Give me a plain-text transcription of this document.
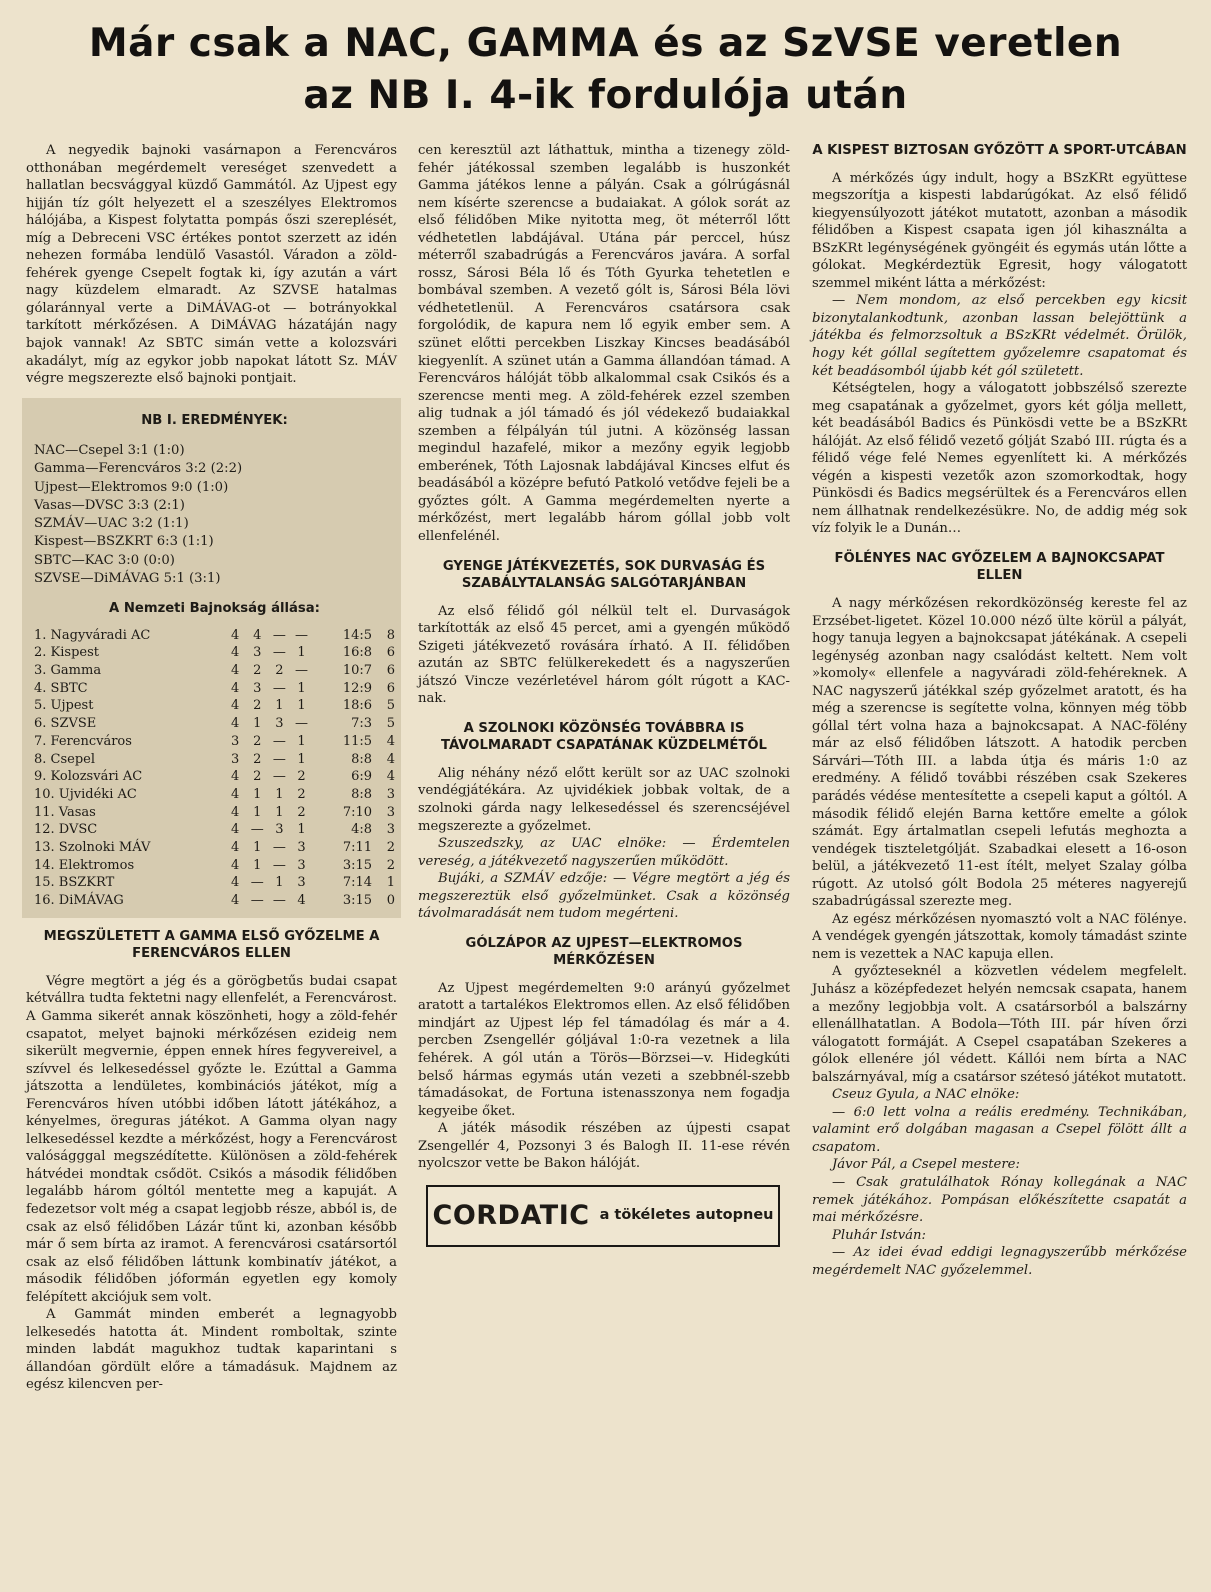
Már csak a NAC, GAMMA és az SzVSE veretlen
az NB I. 4-ik fordulója után

A negyedik bajnoki vasárnapon a Ferencváros otthonában megérdemelt vereséget szenvedett a hallatlan becsvággyal küzdő Gammától. Az Ujpest egy hijján tíz gólt helyezett el a szeszélyes Elektromos hálójába, a Kispest folytatta pompás őszi szereplését, míg a Debreceni VSC értékes pontot szerzett az idén nehezen formába lendülő Vasastól. Váradon a zöld-fehérek gyenge Csepelt fogtak ki, így azután a várt nagy küzdelem elmaradt. Az SZVSE hatalmas gólaránnyal verte a DiMÁVAG-ot — botrányokkal tarkított mérkőzésen. A DiMÁVAG házatáján nagy bajok vannak! Az SBTC simán vette a kolozsvári akadályt, míg az egykor jobb napokat látott Sz. MÁV végre megszerezte első bajnoki pontjait.

NB I. EREDMÉNYEK:
NAC—Csepel 3:1 (1:0)
Gamma—Ferencváros 3:2 (2:2)
Ujpest—Elektromos 9:0 (1:0)
Vasas—DVSC 3:3 (2:1)
SZMÁV—UAC 3:2 (1:1)
Kispest—BSZKRT 6:3 (1:1)
SBTC—KAC 3:0 (0:0)
SZVSE—DiMÁVAG 5:1 (3:1)
A Nemzeti Bajnokság állása:
1. Nagyváradi AC	4	4	—	—	14:5	8
2. Kispest	4	3	—	1	16:8	6
3. Gamma	4	2	2	—	10:7	6
4. SBTC	4	3	—	1	12:9	6
5. Ujpest	4	2	1	1	18:6	5
6. SZVSE	4	1	3	—	7:3	5
7. Ferencváros	3	2	—	1	11:5	4
8. Csepel	3	2	—	1	8:8	4
9. Kolozsvári AC	4	2	—	2	6:9	4
10. Ujvidéki AC	4	1	1	2	8:8	3
11. Vasas	4	1	1	2	7:10	3
12. DVSC	4	—	3	1	4:8	3
13. Szolnoki MÁV	4	1	—	3	7:11	2
14. Elektromos	4	1	—	3	3:15	2
15. BSZKRT	4	—	1	3	7:14	1
16. DiMÁVAG	4	—	—	4	3:15	0
MEGSZÜLETETT A GAMMA ELSŐ GYŐZELME A FERENCVÁROS ELLEN

Végre megtört a jég és a görögbetűs budai csapat kétvállra tudta fektetni nagy ellenfelét, a Ferencvárost. A Gamma sikerét annak köszönheti, hogy a zöld-fehér csapatot, melyet bajnoki mérkőzésen ezideig nem sikerült megvernie, éppen ennek híres fegyvereivel, a szívvel és lelkesedéssel győzte le. Ezúttal a Gamma játszotta a lendületes, kombinációs játékot, míg a Ferencváros híven utóbbi időben látott játékához, a kényelmes, öreguras játékot. A Gamma olyan nagy lelkesedéssel kezdte a mérkőzést, hogy a Ferencvárost valóságggal megszédítette. Különösen a zöld-fehérek hátvédei mondtak csődöt. Csikós a második félidőben legalább három góltól mentette meg a kapuját. A fedezetsor volt még a csapat legjobb része, abból is, de csak az első félidőben Lázár tűnt ki, azonban később már ő sem bírta az iramot. A ferencvárosi csatársortól csak az első félidőben láttunk kombinatív játékot, a második félidőben jóformán egyetlen egy komoly felépített akciójuk sem volt.

A Gammát minden emberét a legnagyobb lelkesedés hatotta át. Mindent romboltak, szinte minden labdát magukhoz tudtak kaparintani s állandóan gördült előre a támadásuk. Majdnem az egész kilencven per-

cen keresztül azt láthattuk, mintha a tizenegy zöld-fehér játékossal szemben legalább is huszonkét Gamma játékos lenne a pályán. Csak a gólrúgásnál nem kísérte szerencse a budaiakat. A gólok sorát az első félidőben Mike nyitotta meg, öt méterről lőtt védhetetlen labdájával. Utána pár perccel, húsz méterről szabadrúgás a Ferencváros javára. A sorfal rossz, Sárosi Béla lő és Tóth Gyurka tehetetlen e bombával szemben. A vezető gólt is, Sárosi Béla lövi védhetetlenül. A Ferencváros csatársora csak forgolódik, de kapura nem lő egyik ember sem. A szünet előtti percekben Liszkay Kincses beadásából kiegyenlít. A szünet után a Gamma állandóan támad. A Ferencváros hálóját több alkalommal csak Csikós és a szerencse menti meg. A zöld-fehérek ezzel szemben alig tudnak a jól támadó és jól védekező budaiakkal szemben a félpályán túl jutni. A közönség lassan megindul hazafelé, mikor a mezőny egyik legjobb emberének, Tóth Lajosnak labdájával Kincses elfut és beadásából a középre befutó Patkoló vetődve fejeli be a győztes gólt. A Gamma megérdemelten nyerte a mérkőzést, mert legalább három góllal jobb volt ellenfelénél.

GYENGE JÁTÉKVEZETÉS, SOK DURVASÁG ÉS SZABÁLYTALANSÁG SALGÓTARJÁNBAN

Az első félidő gól nélkül telt el. Durvaságok tarkították az első 45 percet, ami a gyengén működő Szigeti játékvezető rovására írható. A II. félidőben azután az SBTC felülkerekedett és a nagyszerűen játszó Vincze vezérletével három gólt rúgott a KAC-nak.

A SZOLNOKI KÖZÖNSÉG TOVÁBBRA IS TÁVOLMARADT CSAPATÁNAK KÜZDELMÉTŐL

Alig néhány néző előtt került sor az UAC szolnoki vendégjátékára. Az ujvidékiek jobbak voltak, de a szolnoki gárda nagy lelkesedéssel és szerencséjével megszerezte a győzelmet.

Szuszedszky, az UAC elnöke: — Érdemtelen vereség, a játékvezető nagyszerűen működött.

Bujáki, a SZMÁV edzője: — Végre megtört a jég és megszereztük első győzelmünket. Csak a közönség távolmaradását nem tudom megérteni.

GÓLZÁPOR AZ UJPEST—ELEKTROMOS MÉRKŐZÉSEN

Az Ujpest megérdemelten 9:0 arányú győzelmet aratott a tartalékos Elektromos ellen. Az első félidőben mindjárt az Ujpest lép fel támadólag és már a 4. percben Zsengellér góljával 1:0-ra vezetnek a lila fehérek. A gól után a Törös—Börzsei—v. Hidegkúti belső hármas egymás után vezeti a szebbnél-szebb támadásokat, de Fortuna istenasszonya nem fogadja kegyeibe őket.

A játék második részében az újpesti csapat Zsengellér 4, Pozsonyi 3 és Balogh II. 11-ese révén nyolcszor vette be Bakon hálóját.

CORDATIC a tökéletes autopneu
A KISPEST BIZTOSAN GYŐZÖTT A SPORT-UTCÁBAN

A mérkőzés úgy indult, hogy a BSzKRt együttese megszorítja a kispesti labdarúgókat. Az első félidő kiegyensúlyozott játékot mutatott, azonban a második félidőben a Kispest csapata igen jól kihasználta a BSzKRt legénységének gyöngéit és egymás után lőtte a gólokat. Megkérdeztük Egresit, hogy válogatott szemmel miként látta a mérkőzést:

— Nem mondom, az első percekben egy kicsit bizonytalankodtunk, azonban lassan belejöttünk a játékba és felmorzsoltuk a BSzKRt védelmét. Örülök, hogy két góllal segítettem győzelemre csapatomat és két beadásomból újabb két gól született.

Kétségtelen, hogy a válogatott jobbszélső szerezte meg csapatának a győzelmet, gyors két gólja mellett, két beadásából Badics és Pünkösdi vette be a BSzKRt hálóját. Az első félidő vezető gólját Szabó III. rúgta és a félidő vége felé Nemes egyenlített ki. A mérkőzés végén a kispesti vezetők azon szomorkodtak, hogy Pünkösdi és Badics megsérültek és a Ferencváros ellen nem állhatnak rendelkezésükre. No, de addig még sok víz folyik le a Dunán…

FÖLÉNYES NAC GYŐZELEM A BAJNOKCSAPAT ELLEN

A nagy mérkőzésen rekordközönség kereste fel az Erzsébet-ligetet. Közel 10.000 néző ülte körül a pályát, hogy tanuja legyen a bajnokcsapat játékának. A csepeli legénység azonban nagy csalódást keltett. Nem volt »komoly« ellenfele a nagyváradi zöld-fehéreknek. A NAC nagyszerű játékkal szép győzelmet aratott, és ha még a szerencse is segítette volna, könnyen még több góllal tért volna haza a bajnokcsapat. A NAC-fölény már az első félidőben látszott. A hatodik percben Sárvári—Tóth III. a labda útja és máris 1:0 az eredmény. A félidő további részében csak Szekeres parádés védése mentesítette a csepeli kaput a góltól. A második félidő elején Barna kettőre emelte a gólok számát. Egy ártalmatlan csepeli lefutás meghozta a vendégek tiszteletgólját. Szabadkai elesett a 16-oson belül, a játékvezető 11-est ítélt, melyet Szalay gólba rúgott. Az utolsó gólt Bodola 25 méteres nagyerejű szabadrúgással szerezte meg.

Az egész mérkőzésen nyomasztó volt a NAC fölénye. A vendégek gyengén játszottak, komoly támadást szinte nem is vezettek a NAC kapuja ellen.

A győzteseknél a közvetlen védelem megfelelt. Juhász a középfedezet helyén nemcsak csapata, hanem a mezőny legjobbja volt. A csatársorból a balszárny ellenállhatatlan. A Bodola—Tóth III. pár híven őrzi válogatott formáját. A Csepel csapatában Szekeres a gólok ellenére jól védett. Kállói nem bírta a NAC balszárnyával, míg a csatársor szétesó játékot mutatott.

Cseuz Gyula, a NAC elnöke:

— 6:0 lett volna a reális eredmény. Technikában, valamint erő dolgában magasan a Csepel fölött állt a csapatom.

Jávor Pál, a Csepel mestere:

— Csak gratulálhatok Rónay kollegának a NAC remek játékához. Pompásan előkészítette csapatát a mai mérkőzésre.

Pluhár István:

— Az idei évad eddigi legnagyszerűbb mérkőzése megérdemelt NAC győzelemmel.
